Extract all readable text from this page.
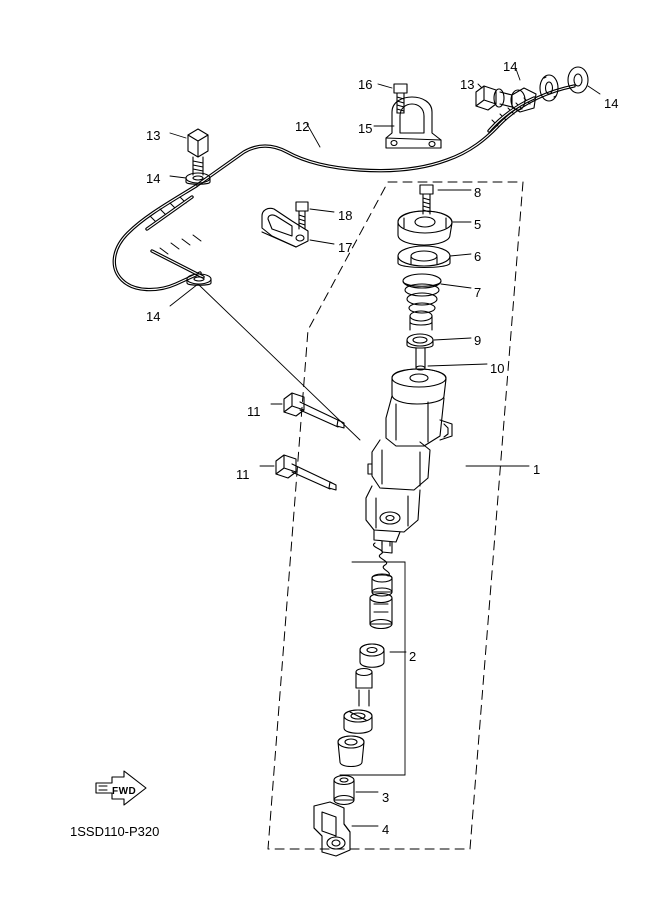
16	13
14
14
13
12	15
14
8
18
5
17
6
7
14
9
10
11
1
11
2
3
4
FWD
1SSD110-P320
